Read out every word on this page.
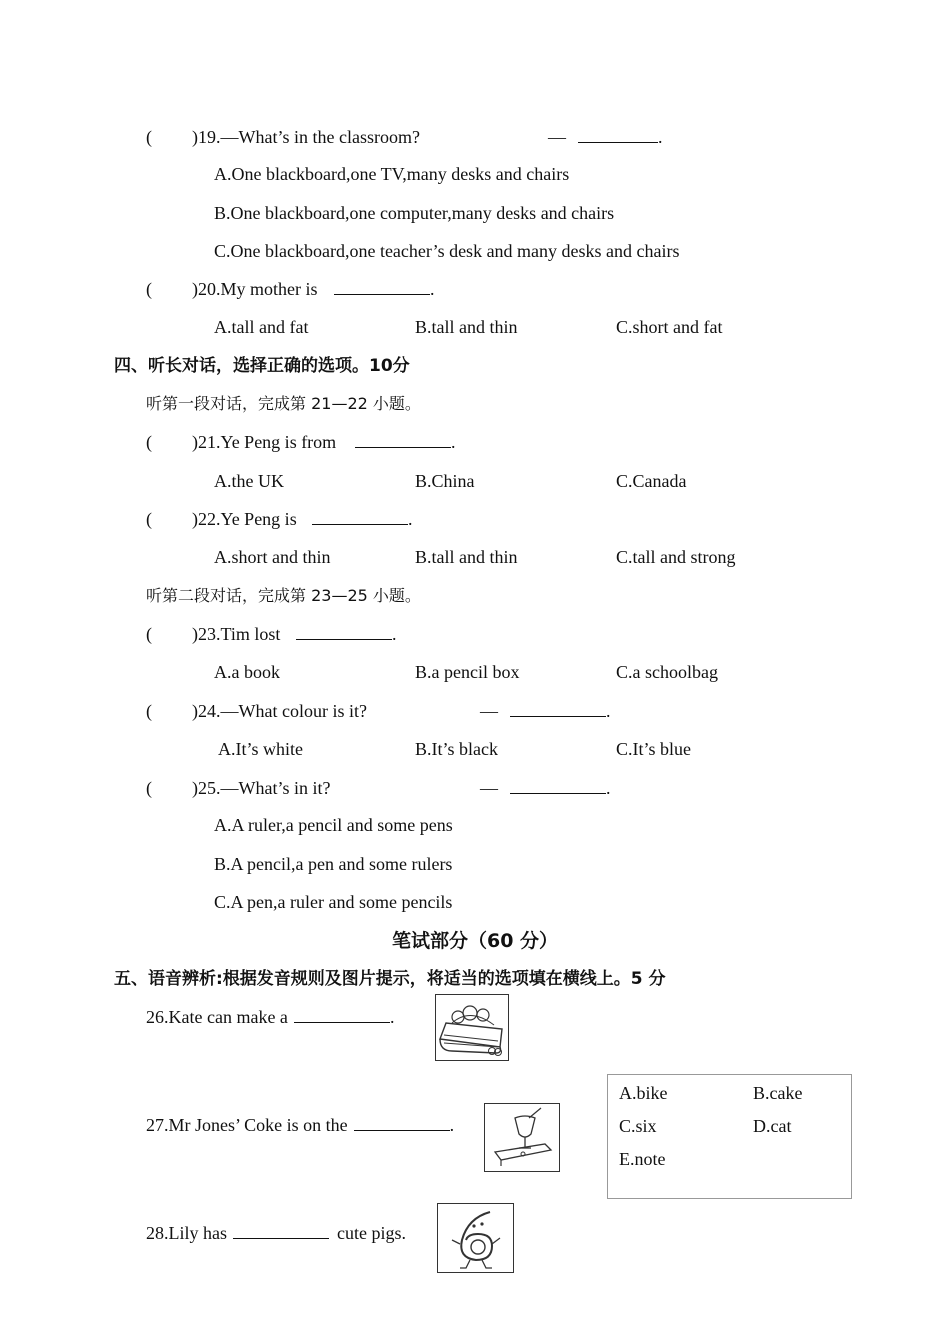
( ) 19.—What’s in the classroom?	—	.
A.One blackboard,one TV,many desks and chairs
B.One blackboard,one computer,many desks and chairs
C.One blackboard,one teacher’s desk and many desks and chairs
( ) 20.My mother is	.
A.tall and fat	B.tall and thin	C.short and fat
四、听长对话，选择正确的选项。10分
听第一段对话，完成第 21—22 小题。
( ) 21.Ye Peng is from	.
A.the UK	B.China	C.Canada
( ) 22.Ye Peng is	.
A.short and thin	B.tall and thin	C.tall and strong
听第二段对话，完成第 23—25 小题。
( ) 23.Tim lost	.
A.a book	B.a pencil box	C.a schoolbag
( ) 24.—What colour is it?	—	.
A.It’s white	B.It’s black	C.It’s blue
( ) 25.—What’s in it?	—	.
A.A ruler,a pencil and some pens
B.A pencil,a pen and some rulers
C.A pen,a ruler and some pencils
笔试部分（60 分）
五、语音辨析:根据发音规则及图片提示，将适当的选项填在横线上。5 分
26.Kate can make a	.
27.Mr Jones’ Coke is on the	.
A.bike	B.cake
C.six	D.cat
E.note
28.Lily has	cute pigs.
